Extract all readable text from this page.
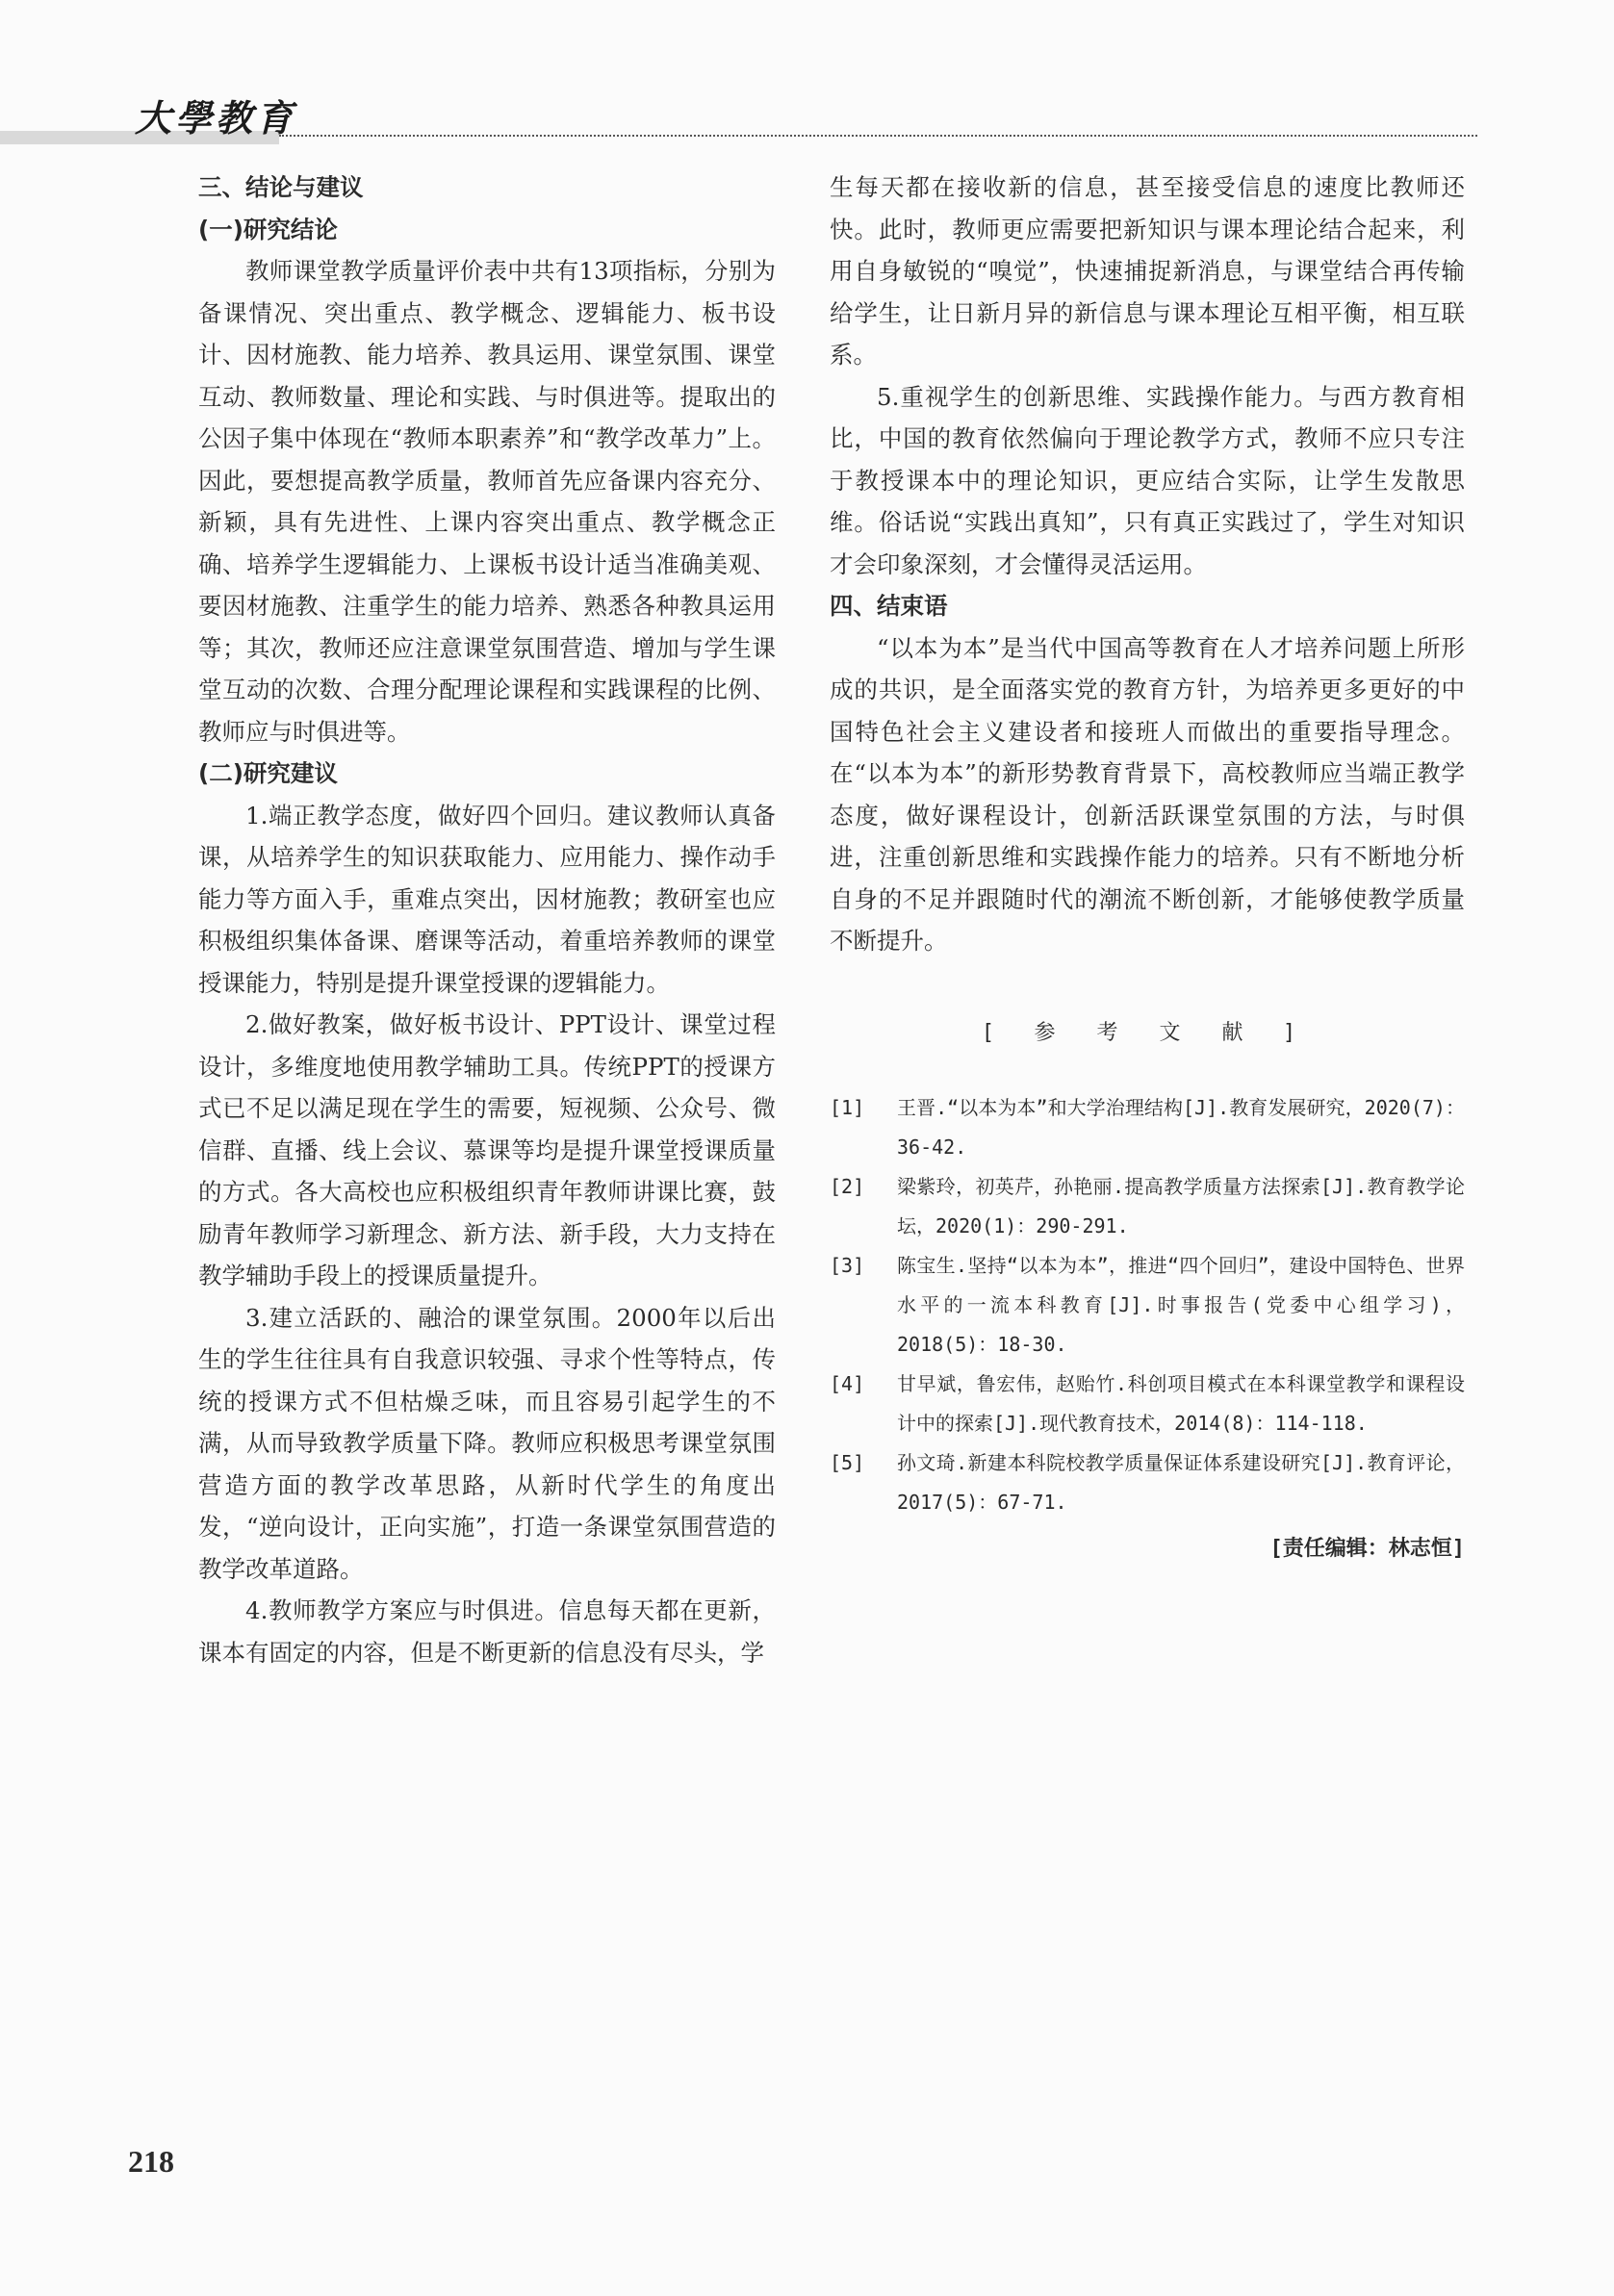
大學教育
三、结论与建议
(一)研究结论

教师课堂教学质量评价表中共有13项指标，分别为备课情况、突出重点、教学概念、逻辑能力、板书设计、因材施教、能力培养、教具运用、课堂氛围、课堂互动、教师数量、理论和实践、与时俱进等。提取出的公因子集中体现在“教师本职素养”和“教学改革力”上。因此，要想提高教学质量，教师首先应备课内容充分、新颖，具有先进性、上课内容突出重点、教学概念正确、培养学生逻辑能力、上课板书设计适当准确美观、要因材施教、注重学生的能力培养、熟悉各种教具运用等；其次，教师还应注意课堂氛围营造、增加与学生课堂互动的次数、合理分配理论课程和实践课程的比例、教师应与时俱进等。

(二)研究建议

1.端正教学态度，做好四个回归。建议教师认真备课，从培养学生的知识获取能力、应用能力、操作动手能力等方面入手，重难点突出，因材施教；教研室也应积极组织集体备课、磨课等活动，着重培养教师的课堂授课能力，特别是提升课堂授课的逻辑能力。

2.做好教案，做好板书设计、PPT设计、课堂过程设计，多维度地使用教学辅助工具。传统PPT的授课方式已不足以满足现在学生的需要，短视频、公众号、微信群、直播、线上会议、慕课等均是提升课堂授课质量的方式。各大高校也应积极组织青年教师讲课比赛，鼓励青年教师学习新理念、新方法、新手段，大力支持在教学辅助手段上的授课质量提升。

3.建立活跃的、融洽的课堂氛围。2000年以后出生的学生往往具有自我意识较强、寻求个性等特点，传统的授课方式不但枯燥乏味，而且容易引起学生的不满，从而导致教学质量下降。教师应积极思考课堂氛围营造方面的教学改革思路，从新时代学生的角度出发，“逆向设计，正向实施”，打造一条课堂氛围营造的教学改革道路。

4.教师教学方案应与时俱进。信息每天都在更新，课本有固定的内容，但是不断更新的信息没有尽头，学

生每天都在接收新的信息，甚至接受信息的速度比教师还快。此时，教师更应需要把新知识与课本理论结合起来，利用自身敏锐的“嗅觉”，快速捕捉新消息，与课堂结合再传输给学生，让日新月异的新信息与课本理论互相平衡，相互联系。

5.重视学生的创新思维、实践操作能力。与西方教育相比，中国的教育依然偏向于理论教学方式，教师不应只专注于教授课本中的理论知识，更应结合实际，让学生发散思维。俗话说“实践出真知”，只有真正实践过了，学生对知识才会印象深刻，才会懂得灵活运用。

四、结束语

“以本为本”是当代中国高等教育在人才培养问题上所形成的共识，是全面落实党的教育方针，为培养更多更好的中国特色社会主义建设者和接班人而做出的重要指导理念。在“以本为本”的新形势教育背景下，高校教师应当端正教学态度，做好课程设计，创新活跃课堂氛围的方法，与时俱进，注重创新思维和实践操作能力的培养。只有不断地分析自身的不足并跟随时代的潮流不断创新，才能够使教学质量不断提升。

[ 参 考 文 献 ]
[1]	王晋.“以本为本”和大学治理结构[J].教育发展研究，2020(7)：36-42.
[2]	梁紫玲，初英芹，孙艳丽.提高教学质量方法探索[J].教育教学论坛，2020(1)：290-291.
[3]	陈宝生.坚持“以本为本”，推进“四个回归”，建设中国特色、世界水平的一流本科教育[J].时事报告(党委中心组学习)，2018(5)：18-30.
[4]	甘早斌，鲁宏伟，赵贻竹.科创项目模式在本科课堂教学和课程设计中的探索[J].现代教育技术，2014(8)：114-118.
[5]	孙文琦.新建本科院校教学质量保证体系建设研究[J].教育评论，2017(5)：67-71.
[责任编辑：林志恒]
218
